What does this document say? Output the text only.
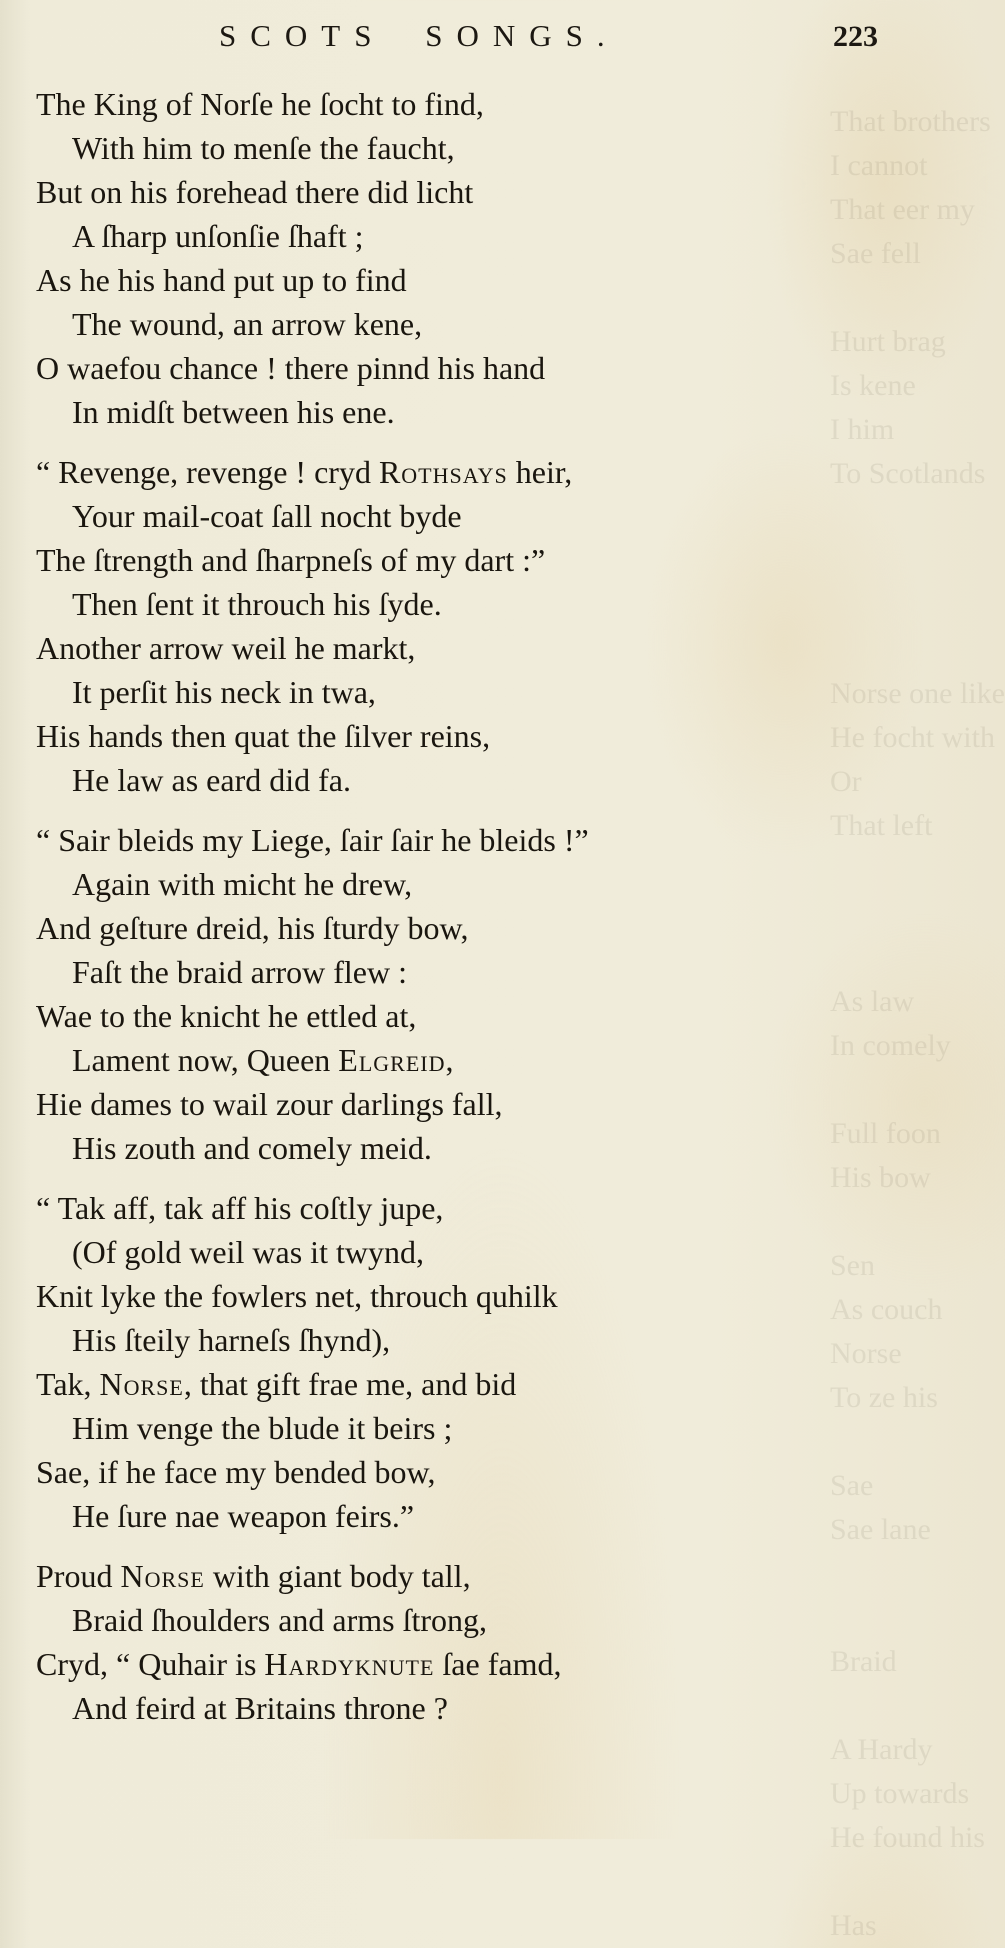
That brothers
I cannot
That eer my
Sae fell

Hurt brag
Is kene
I him
To Scotlands

Norse one like
He focht with
Or
That left

As law
In comely

Full foon
His bow

Sen
As couch
Norse
To ze his

Sae
Sae lane

Braid

A Hardy
Up towards
He found his

Has
SCOTS SONGS.	223
The King of Norſe he ſocht to find,
With him to menſe the faucht,
But on his forehead there did licht
A ſharp unſonſie ſhaft ;
As he his hand put up to find
The wound, an arrow kene,
O waefou chance ! there pinnd his hand
In midſt between his ene.
“ Revenge, revenge ! cryd Rothsays heir,
Your mail-coat ſall nocht byde
The ſtrength and ſharpneſs of my dart :”
Then ſent it throuch his ſyde.
Another arrow weil he markt,
It perſit his neck in twa,
His hands then quat the ſilver reins,
He law as eard did fa.
“ Sair bleids my Liege, ſair ſair he bleids !”
Again with micht he drew,
And geſture dreid, his ſturdy bow,
Faſt the braid arrow flew :
Wae to the knicht he ettled at,
Lament now, Queen Elgreid,
Hie dames to wail zour darlings fall,
His zouth and comely meid.
“ Tak aff, tak aff his coſtly jupe,
(Of gold weil was it twynd,
Knit lyke the fowlers net, throuch quhilk
His ſteily harneſs ſhynd),
Tak, Norse, that gift frae me, and bid
Him venge the blude it beirs ;
Sae, if he face my bended bow,
He ſure nae weapon feirs.”
Proud Norse with giant body tall,
Braid ſhoulders and arms ſtrong,
Cryd, “ Quhair is Hardyknute ſae famd,
And feird at Britains throne ?
